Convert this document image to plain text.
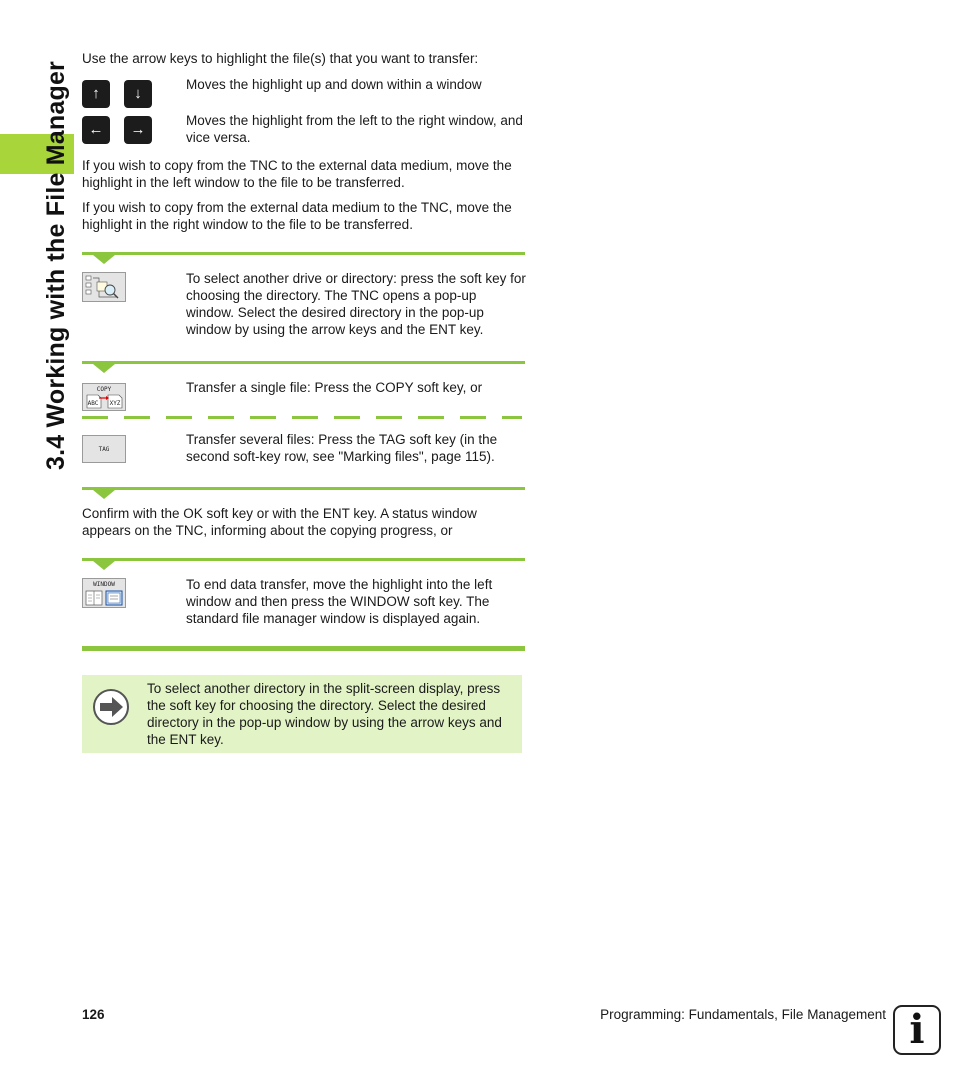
3.4 Working with the File Manager
Use the arrow keys to highlight the file(s) that you want to transfer:
↑	↓
Moves the highlight up and down within a window
←	→
Moves the highlight from the left to the right window, and vice versa.
If you wish to copy from the TNC to the external data medium, move the highlight in the left window to the file to be transferred.
If you wish to copy from the external data medium to the TNC, move the highlight in the right window to the file to be transferred.
To select another drive or directory: press the soft key for choosing the directory. The TNC opens a pop-up window. Select the desired directory in the pop-up window by using the arrow keys and the ENT key.
COPY
ABC	XYZ
Transfer a single file: Press the COPY soft key, or
TAG
Transfer several files: Press the TAG soft key (in the second soft-key row, see "Marking files", page 115).
Confirm with the OK soft key or with the ENT key. A status window appears on the TNC, informing about the copying progress, or
WINDOW	To end data transfer, move the highlight into the left window and then press the WINDOW soft key. The standard file manager window is displayed again.
To select another directory in the split-screen display, press the soft key for choosing the directory. Select the desired directory in the pop-up window by using the arrow keys and the ENT key.
126	Programming: Fundamentals, File Management i
